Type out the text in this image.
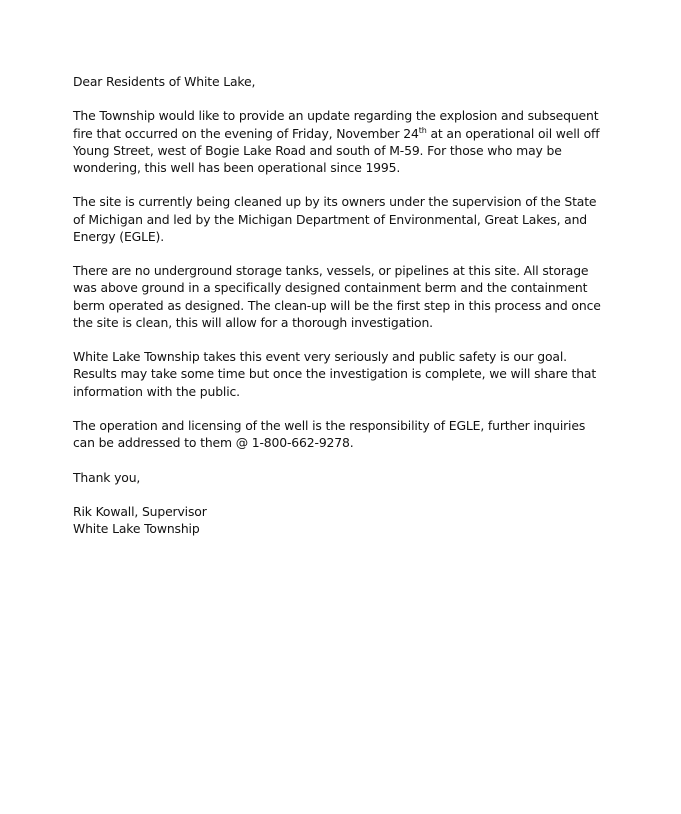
Dear Residents of White Lake,
The Township would like to provide an update regarding the explosion and subsequent
fire that occurred on the evening of Friday, November 24th at an operational oil well off
Young Street, west of Bogie Lake Road and south of M-59. For those who may be
wondering, this well has been operational since 1995.
The site is currently being cleaned up by its owners under the supervision of the State
of Michigan and led by the Michigan Department of Environmental, Great Lakes, and
Energy (EGLE).
There are no underground storage tanks, vessels, or pipelines at this site. All storage
was above ground in a specifically designed containment berm and the containment
berm operated as designed. The clean-up will be the first step in this process and once
the site is clean, this will allow for a thorough investigation.
White Lake Township takes this event very seriously and public safety is our goal.
Results may take some time but once the investigation is complete, we will share that
information with the public.
The operation and licensing of the well is the responsibility of EGLE, further inquiries
can be addressed to them @ 1-800-662-9278.
Thank you,
Rik Kowall, Supervisor
White Lake Township
